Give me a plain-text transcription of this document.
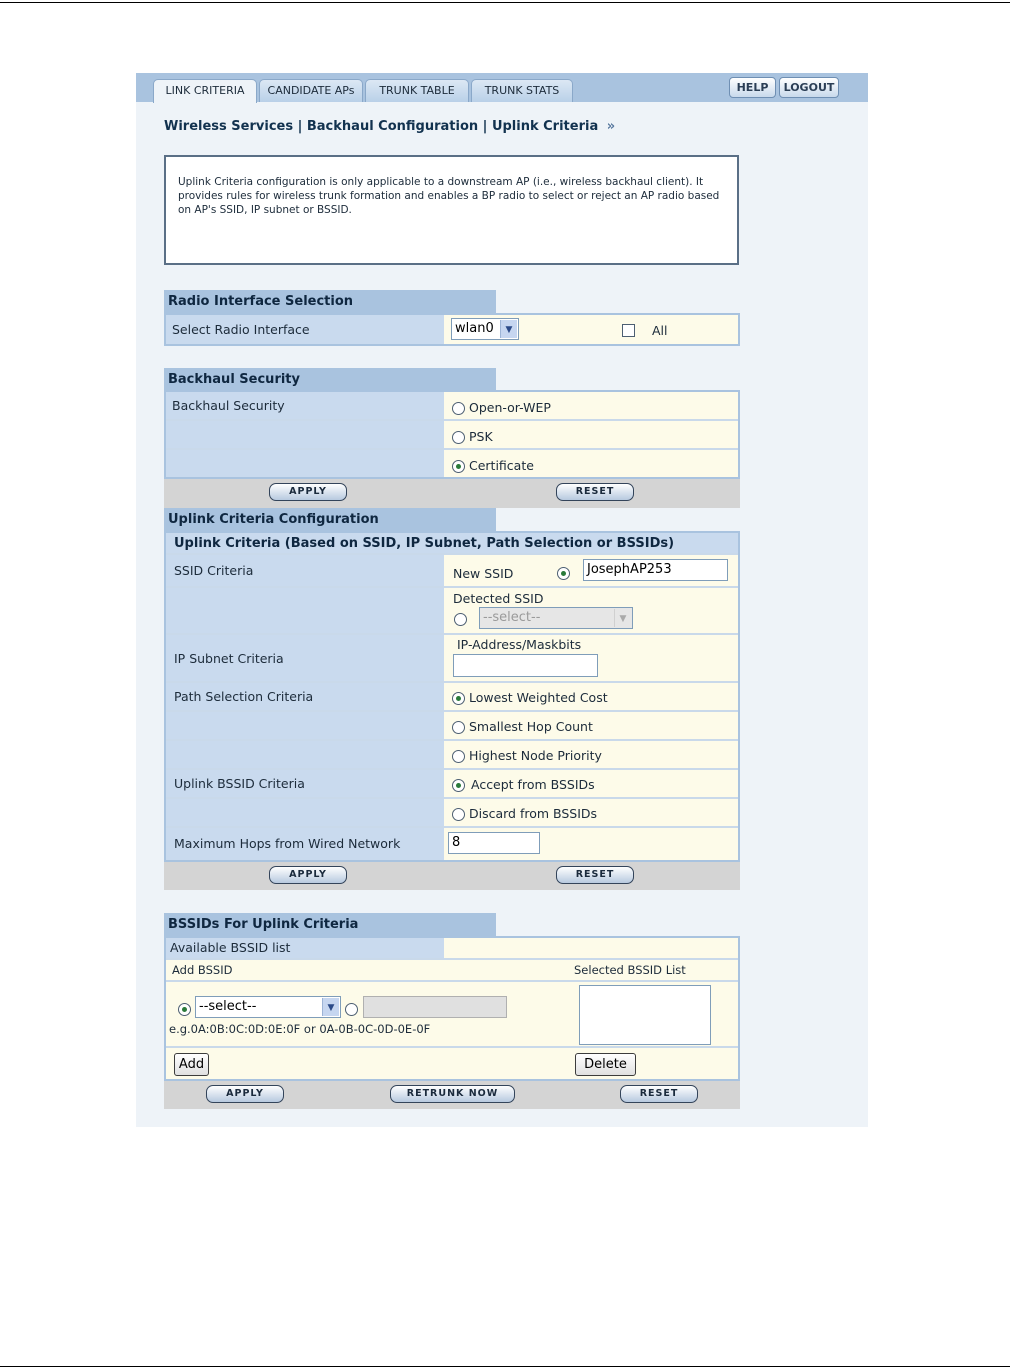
LINK CRITERIA	CANDIDATE APs	TRUNK TABLE	TRUNK STATS	HELP	LOGOUT
Wireless Services | Backhaul Configuration | Uplink Criteria »
Uplink Criteria configuration is only applicable to a downstream AP (i.e., wireless backhaul client). It provides rules for wireless trunk formation and enables a BP radio to select or reject an AP radio based on AP's SSID, IP subnet or BSSID.
Radio Interface Selection
Select Radio Interface	wlan0	▼	All
Backhaul Security
Backhaul Security	Open-or-WEP
PSK
Certificate
APPLY	RESET
Uplink Criteria Configuration
Uplink Criteria (Based on SSID, IP Subnet, Path Selection or BSSIDs)
SSID Criteria	New SSID	JosephAP253
Detected SSID
--select--	▼
IP Subnet Criteria
IP-Address/Maskbits
Path Selection Criteria	Lowest Weighted Cost
Smallest Hop Count
Highest Node Priority
Uplink BSSID Criteria	Accept from BSSIDs
Discard from BSSIDs
Maximum Hops from Wired Network	8
APPLY	RESET
BSSIDs For Uplink Criteria
Available BSSID list
Add BSSID	Selected BSSID List
--select--	▼
e.g.0A:0B:0C:0D:0E:0F or 0A-0B-0C-0D-0E-0F
Add	Delete
APPLY	RETRUNK NOW	RESET
